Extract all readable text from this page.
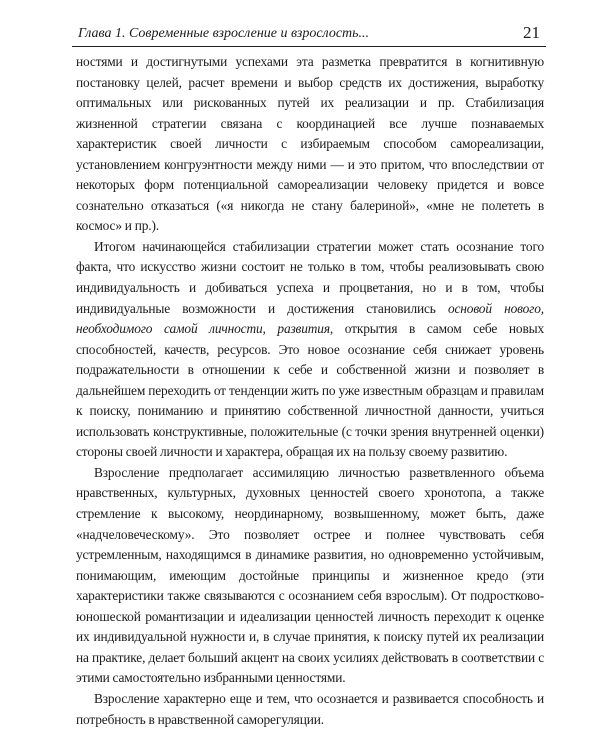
Глава 1. Современные взросление и взрослость...	21

ностями и достигнутыми успехами эта разметка превратится в когнитивную постановку целей, расчет времени и выбор средств их достижения, выработку оптимальных или рискованных путей их реализации и пр. Стабилизация жизненной стратегии связана с координацией все лучше познаваемых характеристик своей личности с избираемым способом самореализации, установлением конгруэнтности между ними — и это притом, что впоследствии от некоторых форм потенциальной самореализации человеку придется и вовсе сознательно отказаться («я никогда не стану балериной», «мне не полететь в космос» и пр.).

Итогом начинающейся стабилизации стратегии может стать осознание того факта, что искусство жизни состоит не только в том, чтобы реализовывать свою индивидуальность и добиваться успеха и процветания, но и в том, чтобы индивидуальные возможности и достижения становились основой нового, необходимого самой личности, развития, открытия в самом себе новых способностей, качеств, ресурсов. Это новое осознание себя снижает уровень подражательности в отношении к себе и собственной жизни и позволяет в дальнейшем переходить от тенденции жить по уже известным образцам и правилам к поиску, пониманию и принятию собственной личностной данности, учиться использовать конструктивные, положительные (с точки зрения внутренней оценки) стороны своей личности и характера, обращая их на пользу своему развитию.

Взросление предполагает ассимиляцию личностью разветвленного объема нравственных, культурных, духовных ценностей своего хронотопа, а также стремление к высокому, неординарному, возвышенному, может быть, даже «надчеловеческому». Это позволяет острее и полнее чувствовать себя устремленным, находящимся в динамике развития, но одновременно устойчивым, понимающим, имеющим достойные принципы и жизненное кредо (эти характеристики также связываются с осознанием себя взрослым). От подростково-юношеской романтизации и идеализации ценностей личность переходит к оценке их индивидуальной нужности и, в случае принятия, к поиску путей их реализации на практике, делает больший акцент на своих усилиях действовать в соответствии с этими самостоятельно избранными ценностями.

Взросление характерно еще и тем, что осознается и развивается способность и потребность в нравственной саморегуляции.
